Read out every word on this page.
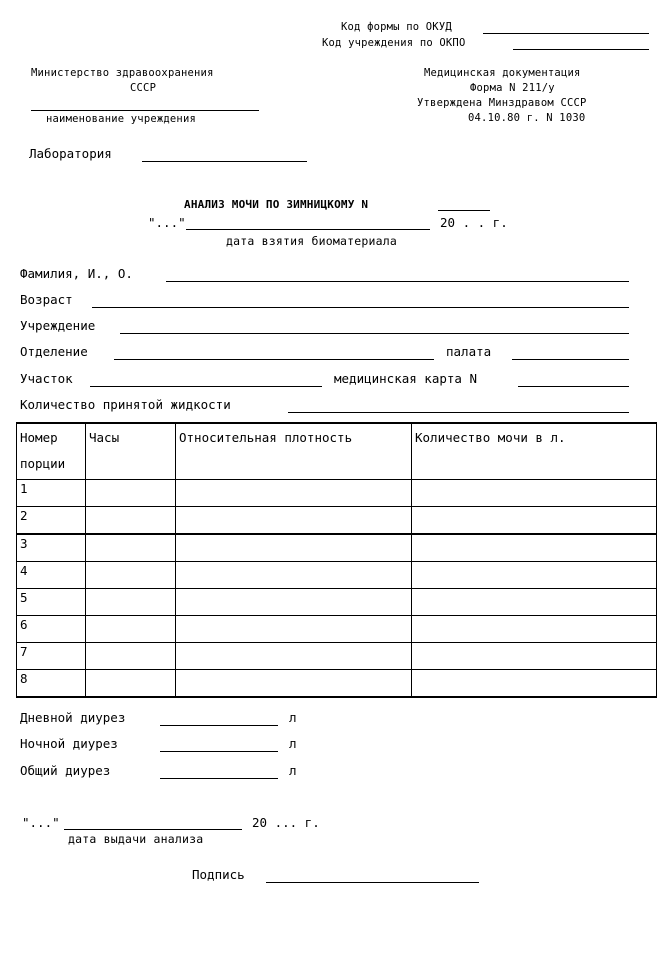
Код формы по ОКУД
Код учреждения по ОКПО
Министерство здравоохранения
СССР
наименование учреждения
Медицинская документация
Форма N 211/у
Утверждена Минздравом СССР
04.10.80 г. N 1030
Лаборатория
АНАЛИЗ МОЧИ ПО ЗИМНИЦКОМУ N
"..."	20 . . г.
дата взятия биоматериала
Фамилия, И., О.
Возраст
Учреждение
Отделение	палата
Участок	медицинская карта N
Количество принятой жидкости
Номер порции	Часы	Относительная плотность	Количество мочи в л.
1			
2			
3			
4			
5			
6			
7			
8			
Дневной диурез	л
Ночной диурез	л
Общий диурез	л
"..."	20 ... г.
дата выдачи анализа
Подпись
